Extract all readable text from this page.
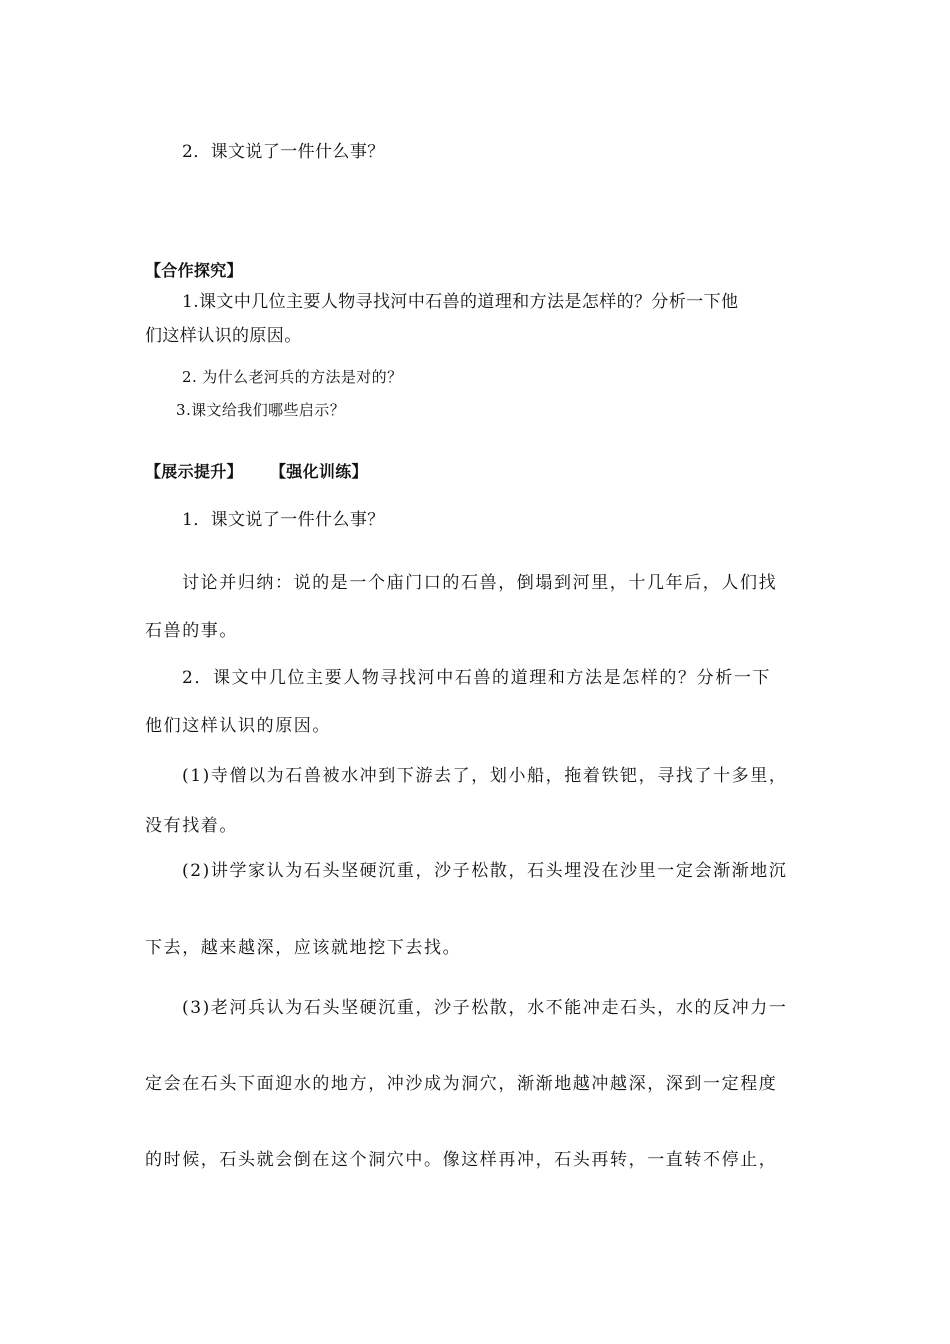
2．课文说了一件什么事？
【合作探究】
1.课文中几位主要人物寻找河中石兽的道理和方法是怎样的？分析一下他
们这样认识的原因。
2. 为什么老河兵的方法是对的？
3.课文给我们哪些启示？
【展示提升】 【强化训练】
1．课文说了一件什么事？
讨论并归纳：说的是一个庙门口的石兽，倒塌到河里，十几年后，人们找
石兽的事。
2．课文中几位主要人物寻找河中石兽的道理和方法是怎样的？分析一下
他们这样认识的原因。
(1)寺僧以为石兽被水冲到下游去了，划小船，拖着铁钯，寻找了十多里，
没有找着。
(2)讲学家认为石头坚硬沉重，沙子松散，石头埋没在沙里一定会渐渐地沉
下去，越来越深，应该就地挖下去找。
(3)老河兵认为石头坚硬沉重，沙子松散，水不能冲走石头，水的反冲力一
定会在石头下面迎水的地方，冲沙成为洞穴，渐渐地越冲越深，深到一定程度
的时候，石头就会倒在这个洞穴中。像这样再冲，石头再转，一直转不停止，
